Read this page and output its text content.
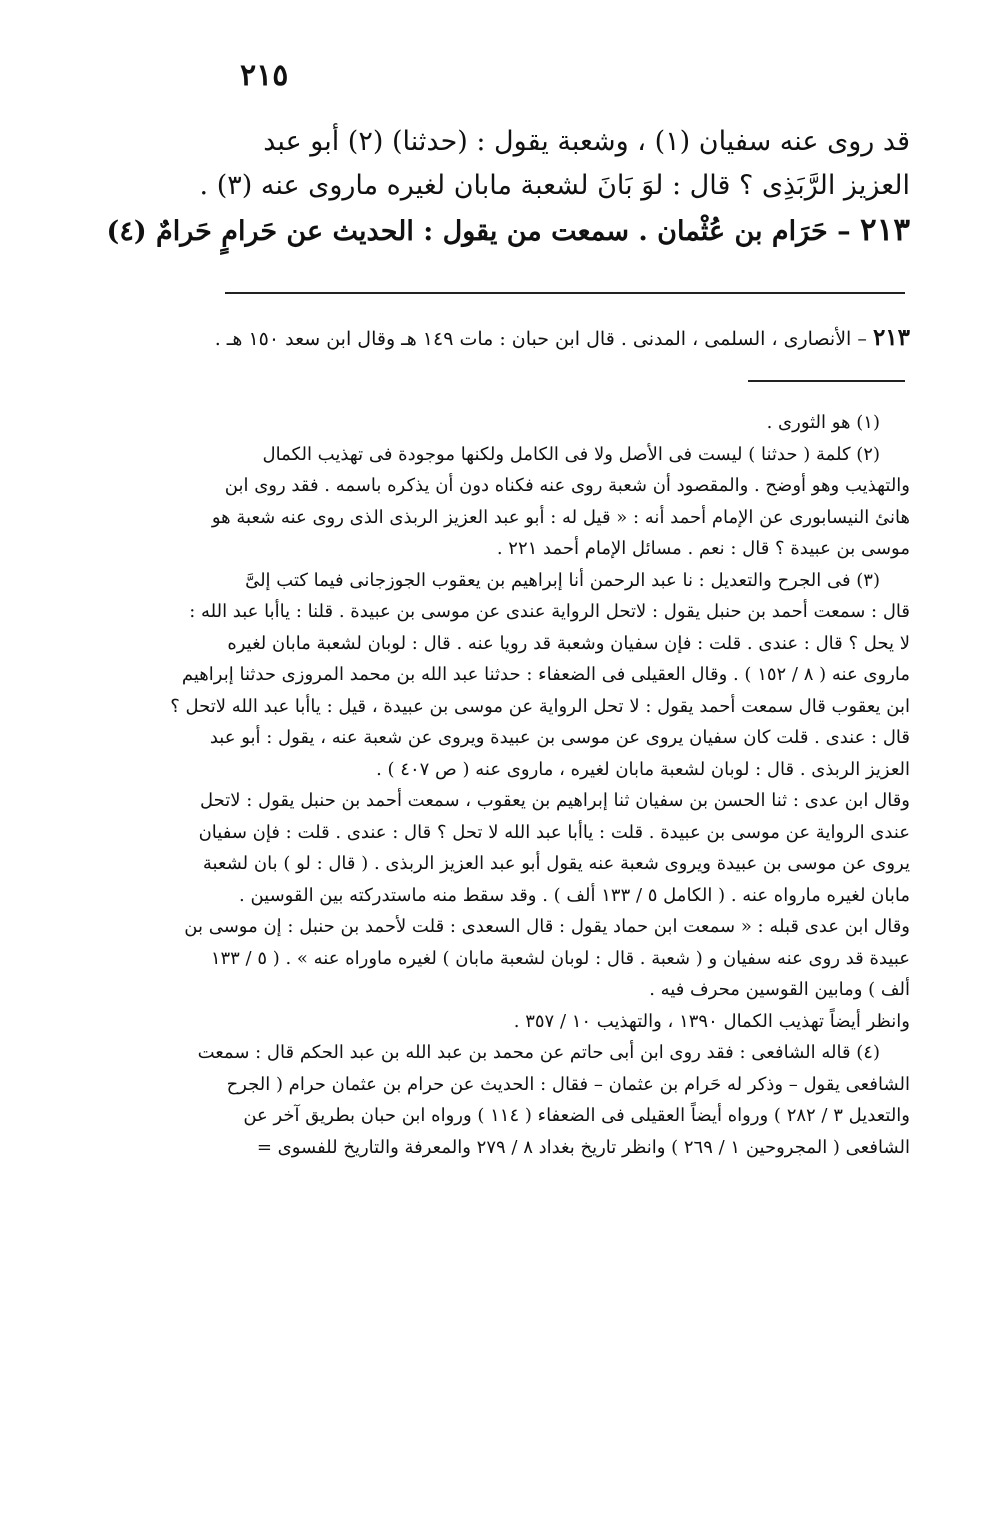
٢١٥
قد روى عنه سفيان (١) ، وشعبة يقول : (حدثنا) (٢) أبو عبد
العزيز الرَّبَذِى ؟ قال : لوَ بَانَ لشعبة مابان لغيره ماروى عنه (٣) .
٢١٣ – حَرَام بن عُثْمان . سمعت من يقول : الحديث عن حَرامٍ حَرامٌ (٤)
٢١٣ – الأنصارى ، السلمى ، المدنى . قال ابن حبان : مات ١٤٩ هـ وقال ابن سعد ١٥٠ هـ .
(١) هو الثورى .
(٢) كلمة ( حدثنا ) ليست فى الأصل ولا فى الكامل ولكنها موجودة فى تهذيب الكمال
والتهذيب وهو أوضح . والمقصود أن شعبة روى عنه فكناه دون أن يذكره باسمه . فقد روى ابن
هانئ النيسابورى عن الإمام أحمد أنه : « قيل له : أبو عبد العزيز الربذى الذى روى عنه شعبة هو
موسى بن عبيدة ؟ قال : نعم . مسائل الإمام أحمد ٢٢١ .
(٣) فى الجرح والتعديل : نا عبد الرحمن أنا إبراهيم بن يعقوب الجوزجانى فيما كتب إلىَّ
قال : سمعت أحمد بن حنبل يقول : لاتحل الرواية عندى عن موسى بن عبيدة . قلنا : ياأبا عبد الله :
لا يحل ؟ قال : عندى . قلت : فإن سفيان وشعبة قد رويا عنه . قال : لوبان لشعبة مابان لغيره
ماروى عنه ( ٨ / ١٥٢ ) . وقال العقيلى فى الضعفاء : حدثنا عبد الله بن محمد المروزى حدثنا إبراهيم
ابن يعقوب قال سمعت أحمد يقول : لا تحل الرواية عن موسى بن عبيدة ، قيل : ياأبا عبد الله لاتحل ؟
قال : عندى . قلت كان سفيان يروى عن موسى بن عبيدة ويروى عن شعبة عنه ، يقول : أبو عبد
العزيز الربذى . قال : لوبان لشعبة مابان لغيره ، ماروى عنه ( ص ٤٠٧ ) .
وقال ابن عدى : ثنا الحسن بن سفيان ثنا إبراهيم بن يعقوب ، سمعت أحمد بن حنبل يقول : لاتحل
عندى الرواية عن موسى بن عبيدة . قلت : ياأبا عبد الله لا تحل ؟ قال : عندى . قلت : فإن سفيان
يروى عن موسى بن عبيدة ويروى شعبة عنه يقول أبو عبد العزيز الربذى . ( قال : لو ) بان لشعبة
مابان لغيره مارواه عنه . ( الكامل ٥ / ١٣٣ ألف ) . وقد سقط منه ماستدركته بين القوسين .
وقال ابن عدى قبله : « سمعت ابن حماد يقول : قال السعدى : قلت لأحمد بن حنبل : إن موسى بن
عبيدة قد روى عنه سفيان و ( شعبة . قال : لوبان لشعبة مابان ) لغيره ماوراه عنه » . ( ٥ / ١٣٣
ألف ) ومابين القوسين محرف فيه .
وانظر أيضاً تهذيب الكمال ١٣٩٠ ، والتهذيب ١٠ / ٣٥٧ .
(٤) قاله الشافعى : فقد روى ابن أبى حاتم عن محمد بن عبد الله بن عبد الحكم قال : سمعت
الشافعى يقول – وذكر له حَرام بن عثمان – فقال : الحديث عن حرام بن عثمان حرام ( الجرح
والتعديل ٣ / ٢٨٢ ) ورواه أيضاً العقيلى فى الضعفاء ( ١١٤ ) ورواه ابن حبان بطريق آخر عن
الشافعى ( المجروحين ١ / ٢٦٩ ) وانظر تاريخ بغداد ٨ / ٢٧٩ والمعرفة والتاريخ للفسوى =
